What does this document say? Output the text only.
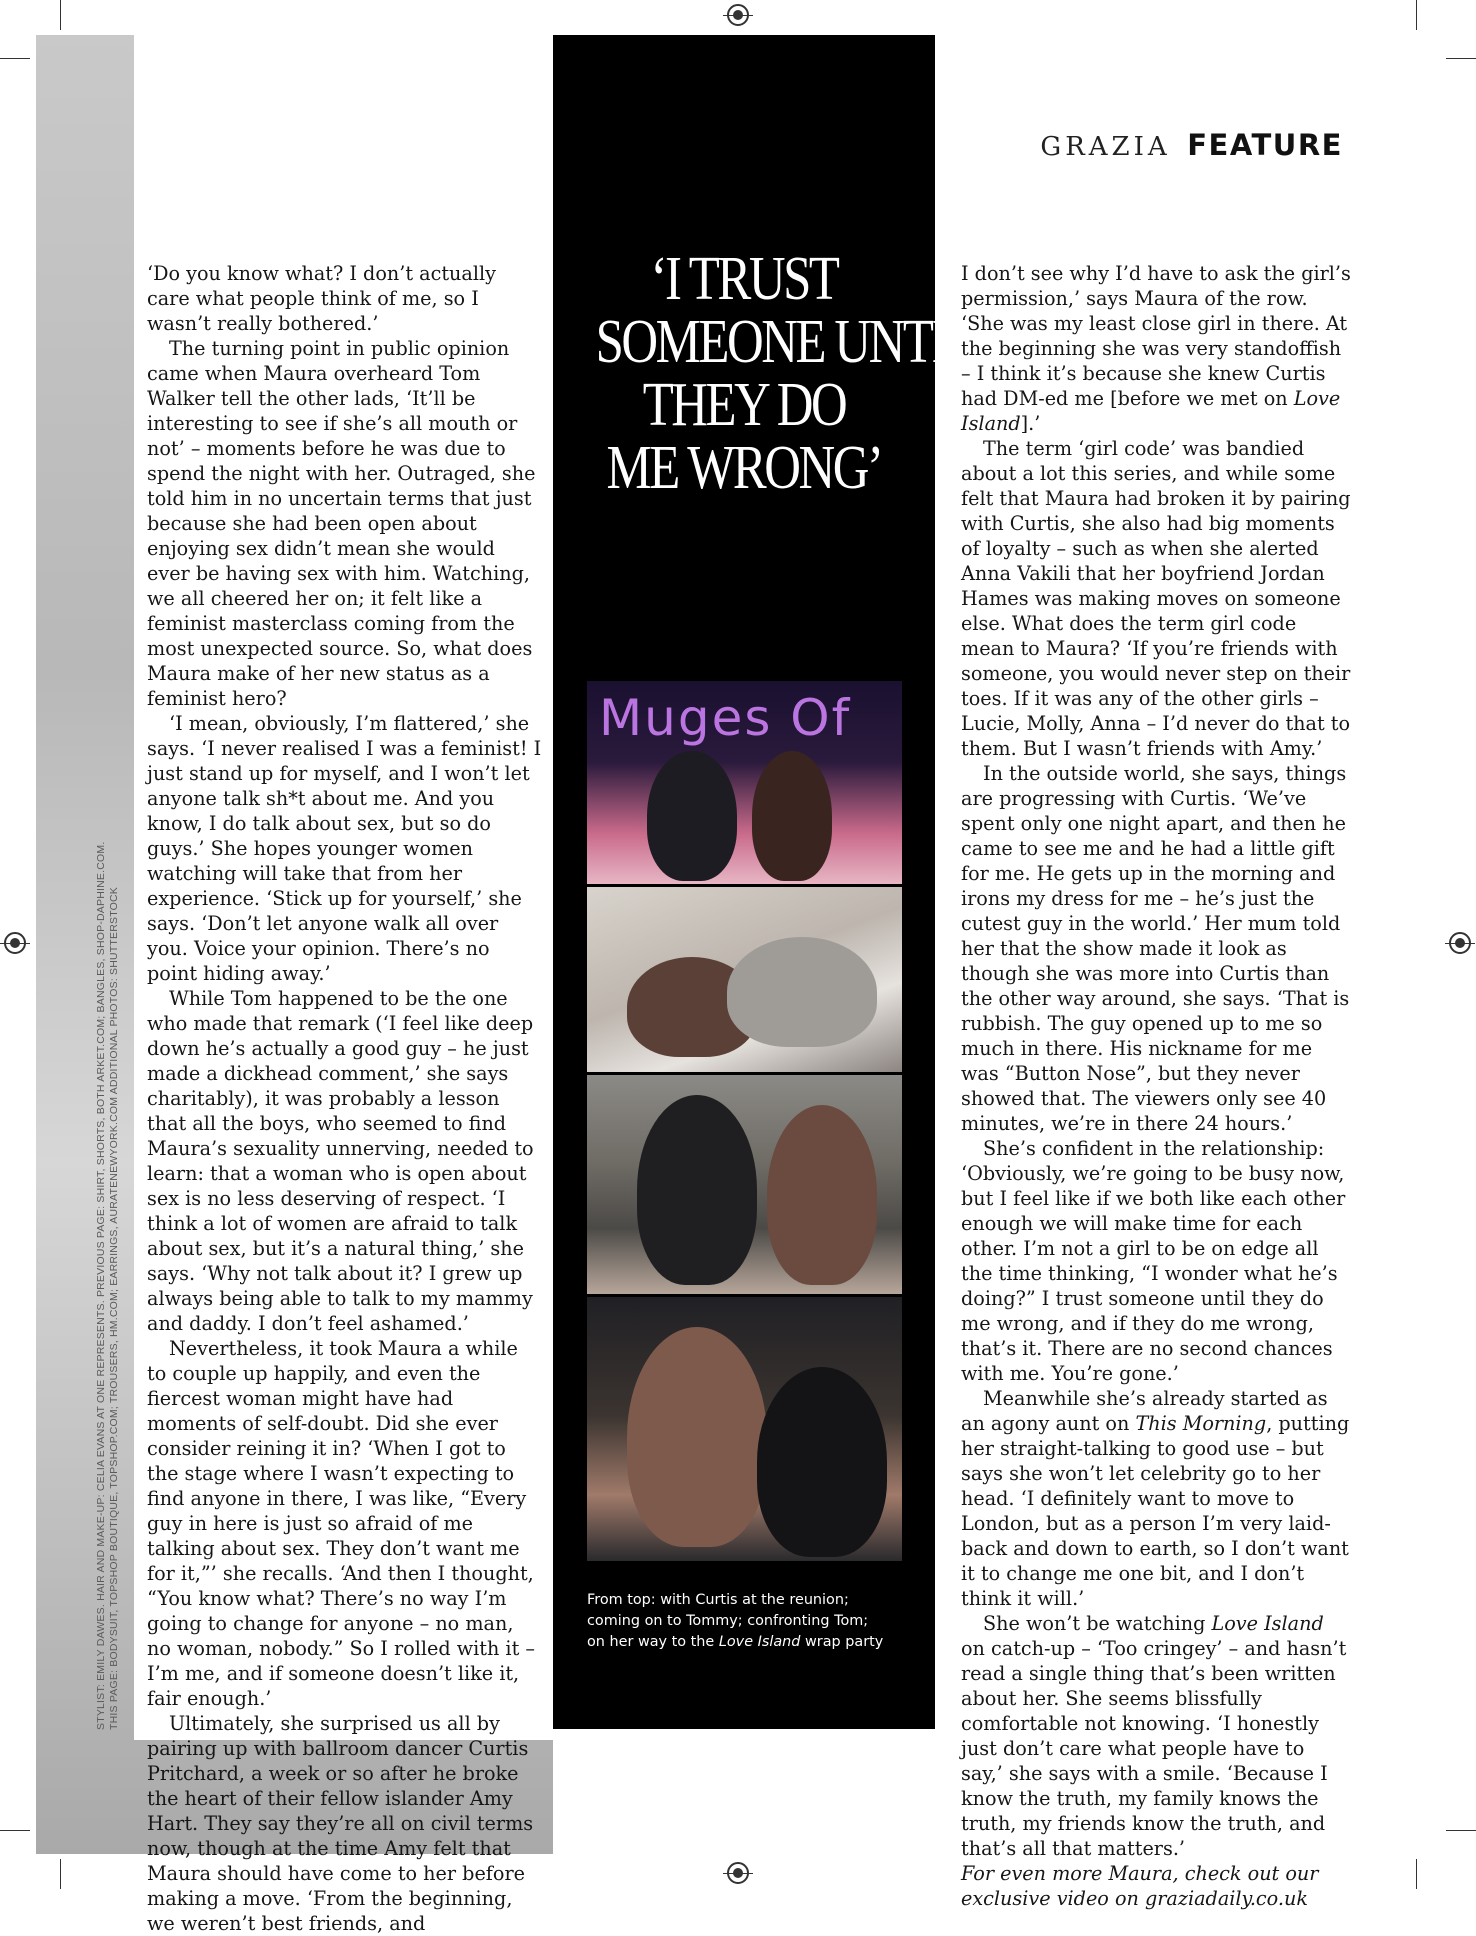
STYLIST: EMILY DAWES. HAIR AND MAKE-UP: CELIA EVANS AT ONE REPRESENTS. PREVIOUS PAGE: SHIRT, SHORTS, BOTH ARKET.COM; BANGLES, SHOP-DAPHINE.COM. THIS PAGE: BODYSUIT, TOPSHOP BOUTIQUE, TOPSHOP.COM; TROUSERS, HM.COM; EARRINGS, AURATENEWYORK.COM ADDITIONAL PHOTOS: SHUTTERSTOCK
GRAZIA FEATURE

‘Do you know what? I don’t actually care what people think of me, so I wasn’t really bothered.’

The turning point in public opinion came when Maura overheard Tom Walker tell the other lads, ‘It’ll be interesting to see if she’s all mouth or not’ – moments before he was due to spend the night with her. Outraged, she told him in no uncertain terms that just because she had been open about enjoying sex didn’t mean she would ever be having sex with him. Watching, we all cheered her on; it felt like a feminist masterclass coming from the most unexpected source. So, what does Maura make of her new status as a feminist hero?

‘I mean, obviously, I’m flattered,’ she says. ‘I never realised I was a feminist! I just stand up for myself, and I won’t let anyone talk sh*t about me. And you know, I do talk about sex, but so do guys.’ She hopes younger women watching will take that from her experience. ‘Stick up for yourself,’ she says. ‘Don’t let anyone walk all over you. Voice your opinion. There’s no point hiding away.’

While Tom happened to be the one who made that remark (‘I feel like deep down he’s actually a good guy – he just made a dickhead comment,’ she says charitably), it was probably a lesson that all the boys, who seemed to find Maura’s sexuality unnerving, needed to learn: that a woman who is open about sex is no less deserving of respect. ‘I think a lot of women are afraid to talk about sex, but it’s a natural thing,’ she says. ‘Why not talk about it? I grew up always being able to talk to my mammy and daddy. I don’t feel ashamed.’

Nevertheless, it took Maura a while to couple up happily, and even the fiercest woman might have had moments of self-doubt. Did she ever consider reining it in? ‘When I got to the stage where I wasn’t expecting to find anyone in there, I was like, “Every guy in here is just so afraid of me talking about sex. They don’t want me for it,”’ she recalls. ‘And then I thought, “You know what? There’s no way I’m going to change for anyone – no man, no woman, nobody.” So I rolled with it – I’m me, and if someone doesn’t like it, fair enough.’

Ultimately, she surprised us all by pairing up with ballroom dancer Curtis Pritchard, a week or so after he broke the heart of their fellow islander Amy Hart. They say they’re all on civil terms now, though at the time Amy felt that Maura should have come to her before making a move. ‘From the beginning, we weren’t best friends, and

‘I TRUST
SOMEONE UNTIL
THEY DO
ME WRONG’
Muges Of
From top: with Curtis at the reunion; coming on to Tommy; confronting Tom; on her way to the Love Island wrap party

I don’t see why I’d have to ask the girl’s permission,’ says Maura of the row. ‘She was my least close girl in there. At the beginning she was very standoffish – I think it’s because she knew Curtis had DM-ed me [before we met on Love Island].’

The term ‘girl code’ was bandied about a lot this series, and while some felt that Maura had broken it by pairing with Curtis, she also had big moments of loyalty – such as when she alerted Anna Vakili that her boyfriend Jordan Hames was making moves on someone else. What does the term girl code mean to Maura? ‘If you’re friends with someone, you would never step on their toes. If it was any of the other girls – Lucie, Molly, Anna – I’d never do that to them. But I wasn’t friends with Amy.’

In the outside world, she says, things are progressing with Curtis. ‘We’ve spent only one night apart, and then he came to see me and he had a little gift for me. He gets up in the morning and irons my dress for me – he’s just the cutest guy in the world.’ Her mum told her that the show made it look as though she was more into Curtis than the other way around, she says. ‘That is rubbish. The guy opened up to me so much in there. His nickname for me was “Button Nose”, but they never showed that. The viewers only see 40 minutes, we’re in there 24 hours.’

She’s confident in the relationship: ‘Obviously, we’re going to be busy now, but I feel like if we both like each other enough we will make time for each other. I’m not a girl to be on edge all the time thinking, “I wonder what he’s doing?” I trust someone until they do me wrong, and if they do me wrong, that’s it. There are no second chances with me. You’re gone.’

Meanwhile she’s already started as an agony aunt on This Morning, putting her straight-talking to good use – but says she won’t let celebrity go to her head. ‘I definitely want to move to London, but as a person I’m very laid-back and down to earth, so I don’t want it to change me one bit, and I don’t think it will.’

She won’t be watching Love Island on catch-up – ‘Too cringey’ – and hasn’t read a single thing that’s been written about her. She seems blissfully comfortable not knowing. ‘I honestly just don’t care what people have to say,’ she says with a smile. ‘Because I know the truth, my family knows the truth, my friends know the truth, and that’s all that matters.’

For even more Maura, check out our exclusive video on graziadaily.co.uk
